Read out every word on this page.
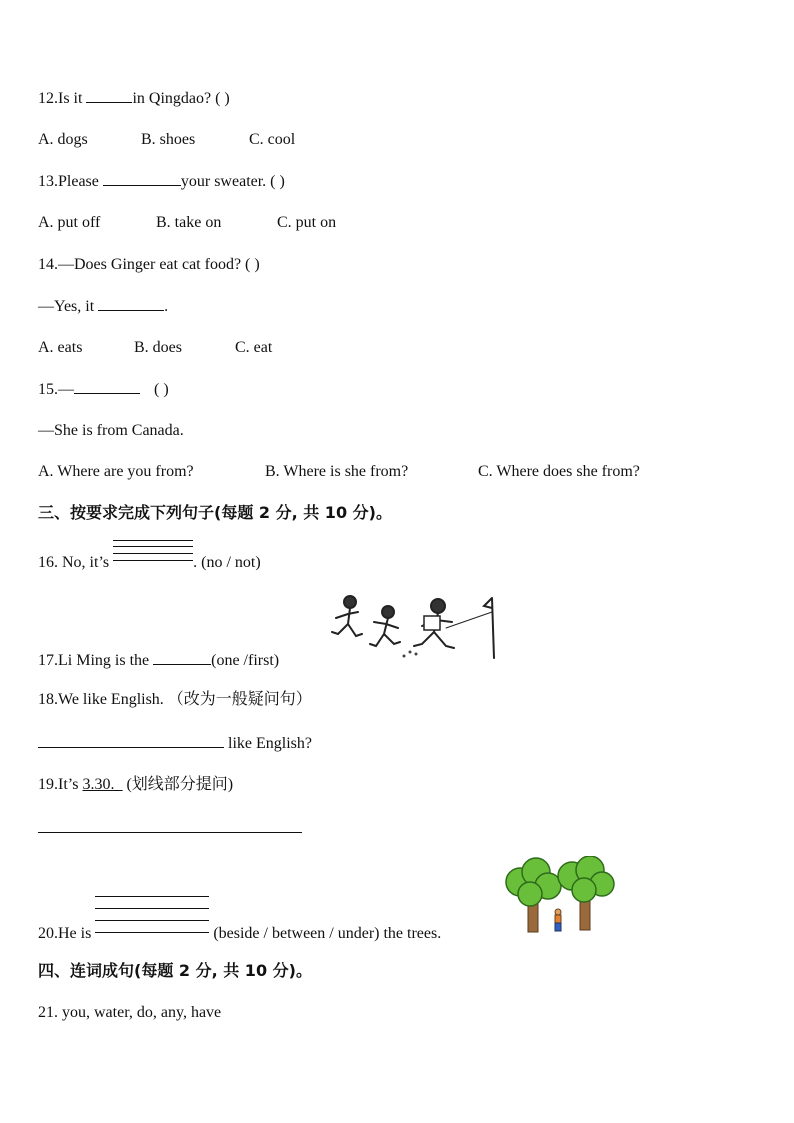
12.Is it	in Qingdao? ( )
A. dogs	B. shoes	C. cool
13.Please	your sweater. ( )
A. put off	B. take on	C. put on
14.—Does Ginger eat cat food? ( )
—Yes, it	.
A. eats	B. does	C. eat
15.—	( )
—She is from Canada.
A. Where are you from?	B. Where is she from?	C. Where does she from?
三、按要求完成下列句子(每题 2 分, 共 10 分)。
16. No, it’s	. (no / not)
17.Li Ming is the	(one /first)
18.We like English. （改为一般疑问句）
like English?
19.It’s 3.30._ (划线部分提问)
20.He is	(beside / between / under) the trees.
四、连词成句(每题 2 分, 共 10 分)。
21. you, water, do, any, have
